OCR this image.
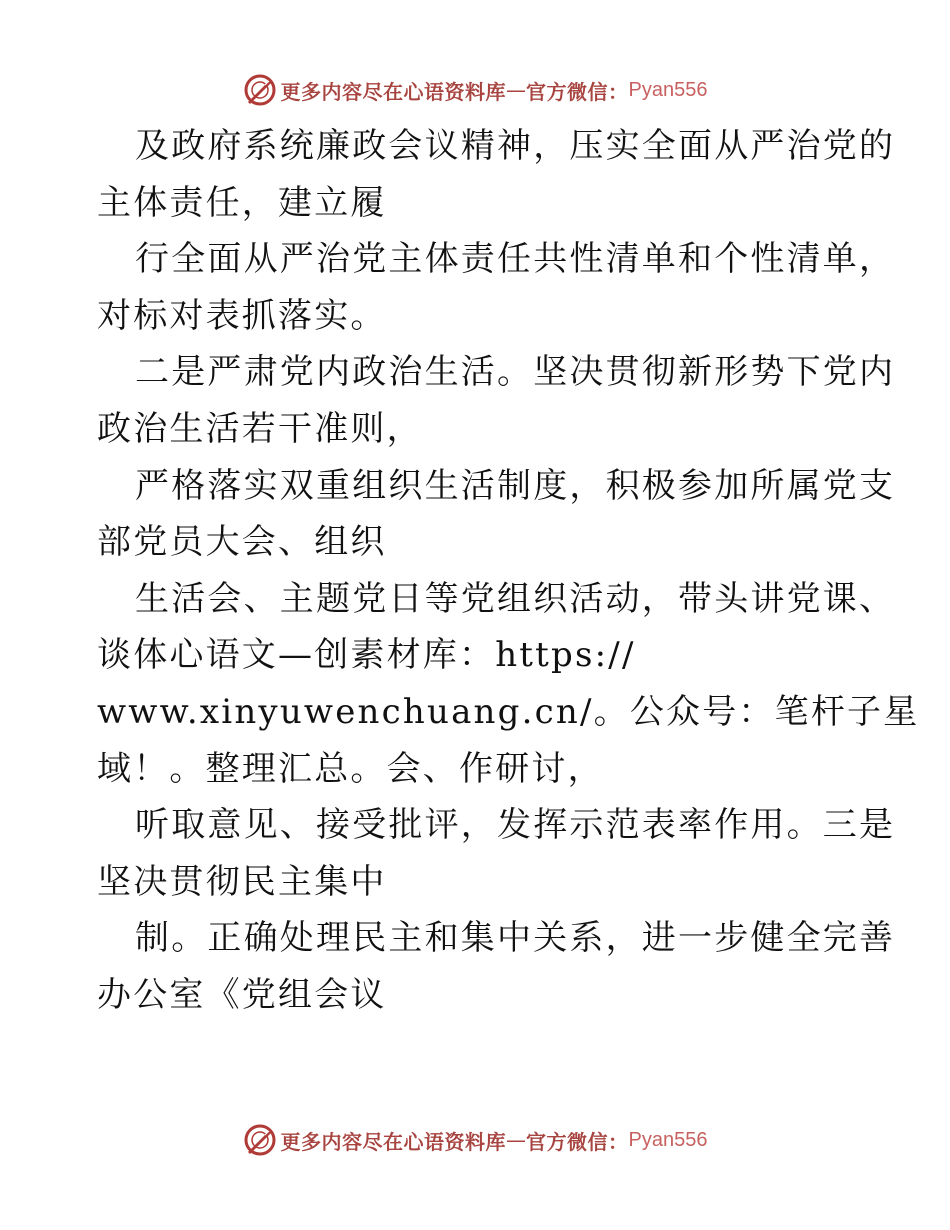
更多内容尽在心语资料库 — 官方微信： Pyan556
及政府系统廉政会议精神，压实全面从严治党的
主体责任，建立履
行全面从严治党主体责任共性清单和个性清单，
对标对表抓落实。
二是严肃党内政治生活。坚决贯彻新形势下党内
政治生活若干准则，
严格落实双重组织生活制度，积极参加所属党支
部党员大会、组织
生活会、主题党日等党组织活动，带头讲党课、
谈体心语文—创素材库：https://
www.xinyuwenchuang.cn/。公众号：笔杆子星
域！。整理汇总。会、作研讨，
听取意见、接受批评，发挥示范表率作用。三是
坚决贯彻民主集中
制。正确处理民主和集中关系，进一步健全完善
办公室《党组会议
更多内容尽在心语资料库 — 官方微信： Pyan556
